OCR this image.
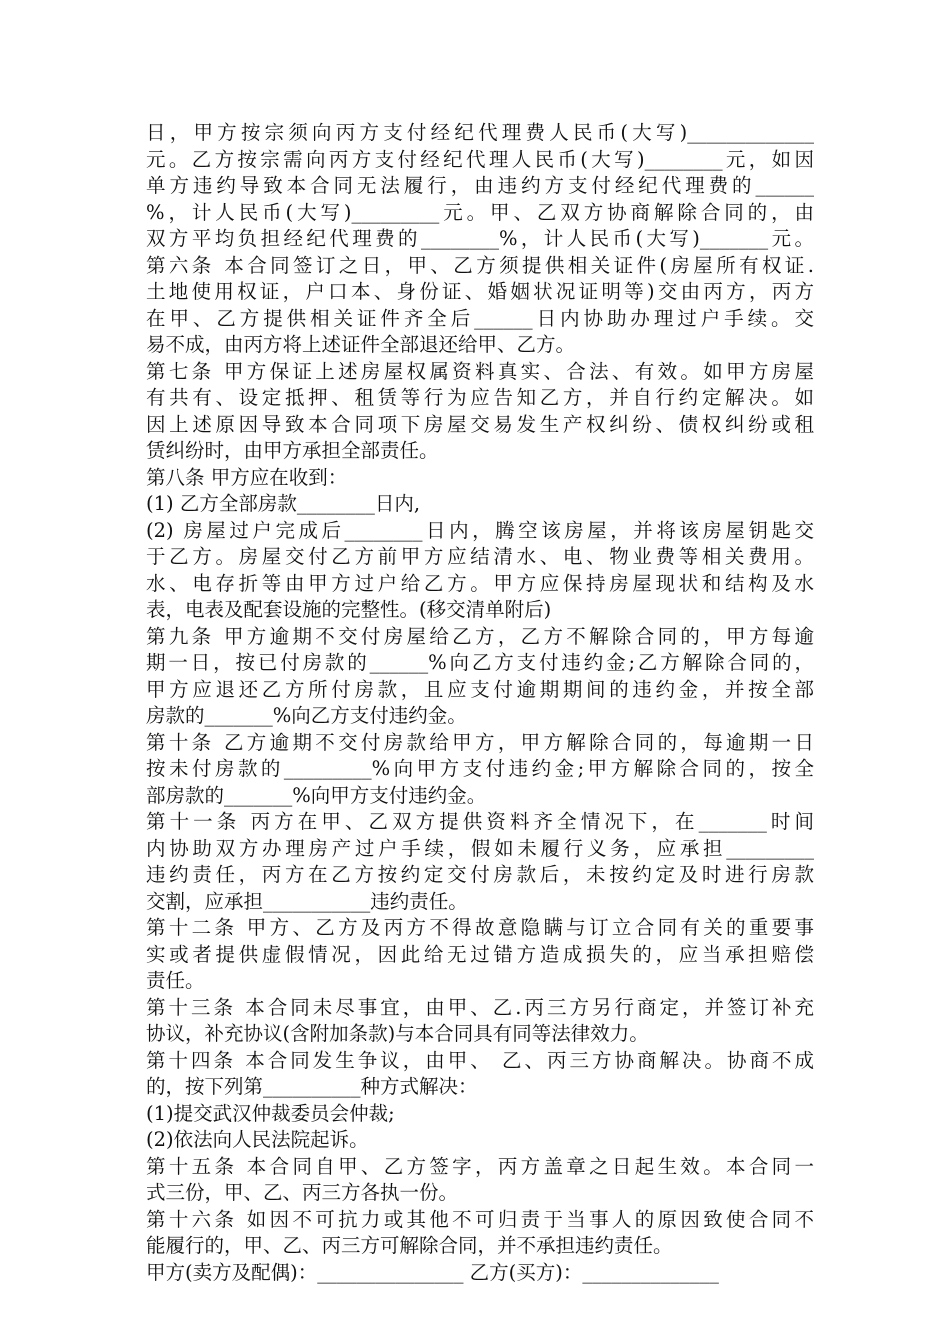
日，甲方按宗须向丙方支付经纪代理费人民币(大写)_____________
元。乙方按宗需向丙方支付经纪代理人民币(大写)________元，如因
单方违约导致本合同无法履行，由违约方支付经纪代理费的______
%，计人民币(大写)_________元。甲、乙双方协商解除合同的，由
双方平均负担经纪代理费的________%，计人民币(大写)_______元。
第六条 本合同签订之日，甲、乙方须提供相关证件(房屋所有权证.
土地使用权证，户口本、身份证、婚姻状况证明等)交由丙方，丙方
在甲、乙方提供相关证件齐全后______日内协助办理过户手续。交
易不成，由丙方将上述证件全部退还给甲、乙方。
第七条 甲方保证上述房屋权属资料真实、合法、有效。如甲方房屋
有共有、设定抵押、租赁等行为应告知乙方，并自行约定解决。如
因上述原因导致本合同项下房屋交易发生产权纠纷、债权纠纷或租
赁纠纷时，由甲方承担全部责任。
第八条 甲方应在收到：
(1) 乙方全部房款________日内,
(2) 房屋过户完成后________日内，腾空该房屋，并将该房屋钥匙交
于乙方。房屋交付乙方前甲方应结清水、电、物业费等相关费用。
水、电存折等由甲方过户给乙方。甲方应保持房屋现状和结构及水
表，电表及配套设施的完整性。(移交清单附后)
第九条 甲方逾期不交付房屋给乙方，乙方不解除合同的，甲方每逾
期一日，按已付房款的______%向乙方支付违约金;乙方解除合同的，
甲方应退还乙方所付房款，且应支付逾期期间的违约金，并按全部
房款的_______%向乙方支付违约金。
第十条 乙方逾期不交付房款给甲方，甲方解除合同的，每逾期一日
按未付房款的_________%向甲方支付违约金;甲方解除合同的，按全
部房款的_______%向甲方支付违约金。
第十一条 丙方在甲、乙双方提供资料齐全情况下，在_______时间
内协助双方办理房产过户手续，假如未履行义务，应承担_________
违约责任，丙方在乙方按约定交付房款后，未按约定及时进行房款
交割，应承担___________违约责任。
第十二条 甲方、乙方及丙方不得故意隐瞒与订立合同有关的重要事
实或者提供虚假情况，因此给无过错方造成损失的，应当承担赔偿
责任。
第十三条 本合同未尽事宜，由甲、乙.丙三方另行商定，并签订补充
协议，补充协议(含附加条款)与本合同具有同等法律效力。
第十四条 本合同发生争议，由甲、 乙、丙三方协商解决。协商不成
的，按下列第__________种方式解决：
(1)提交武汉仲裁委员会仲裁;
(2)依法向人民法院起诉。
第十五条 本合同自甲、乙方签字，丙方盖章之日起生效。本合同一
式三份，甲、乙、丙三方各执一份。
第十六条 如因不可抗力或其他不可归责于当事人的原因致使合同不
能履行的，甲、乙、丙三方可解除合同，并不承担违约责任。
甲方(卖方及配偶)：_______________ 乙方(买方)：______________
